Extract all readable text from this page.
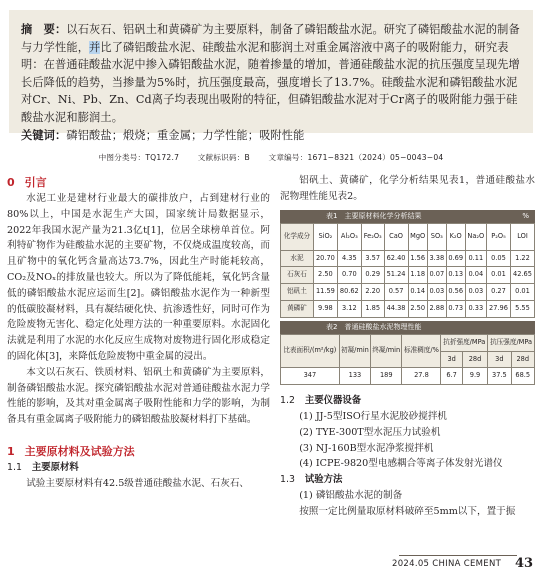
摘　要：以石灰石、铝矾土和黄磷矿为主要原料，制备了磷铝酸盐水泥。研究了磷铝酸盐水泥的制备与力学性能，并比了磷铝酸盐水泥、硅酸盐水泥和膨润土对重金属溶液中离子的吸附能力，研究表明：在普通硅酸盐水泥中掺入磷铝酸盐水泥，随着掺量的增加，普通硅酸盐水泥的抗压强度呈现先增长后降低的趋势，当掺量为5%时，抗压强度最高，强度增长了13.7%。硅酸盐水泥和磷铝酸盐水泥对Cr、Ni、Pb、Zn、Cd离子均表现出吸附的特征，但磷铝酸盐水泥对于Cr离子的吸附能力强于硅酸盐水泥和膨润土。
关键词：磷铝酸盐；煅烧；重金属；力学性能；吸附性能
中图分类号：TQ172.7 文献标识码：B 文章编号：1671−8321（2024）05−0043−04
0 引言

水泥工业是建材行业最大的碳排放户，占到建材行业的80%以上，中国是水泥生产大国，国家统计局数据显示，2022年我国水泥产量为21.3亿t[1]，位居全球榜单首位。阿利特矿物作为硅酸盐水泥的主要矿物，不仅烧成温度较高，而且矿物中的氧化钙含量高达73.7%，因此生产时能耗较高，CO₂及NOₓ的排放量也较大。所以为了降低能耗，氧化钙含量低的磷铝酸盐水泥应运而生[2]。磷铝酸盐水泥作为一种新型的低碳胶凝材料，具有凝结硬化快、抗渗透性好，同时可作为危险废物无害化、稳定化处理方法的一种重要原料。水泥固化法就是利用了水泥的水化反应生成物对废物进行固化形成稳定的固化体[3]，来降低危险废物中重金属的浸出。

本文以石灰石、铁质材料、铝矾土和黄磷矿为主要原料，制备磷铝酸盐水泥。探究磷铝酸盐水泥对普通硅酸盐水泥力学性能的影响，及其对重金属离子吸附性能和力学的影响，为制备具有重金属离子吸附能力的磷铝酸盐胶凝材料打下基础。

1 主要原材料及试验方法
1.1 主要原材料

试验主要原材料有42.5级普通硅酸盐水泥、石灰石、

铝矾土、黄磷矿，化学分析结果见表1，普通硅酸盐水泥物理性能见表2。

表1　主要原材料化学分析结果	%
化学成分	SiO₂	Al₂O₃	Fe₂O₃	CaO	MgO	SO₃	K₂O	Na₂O	P₂O₅	LOI
水泥	20.70	4.35	3.57	62.40	1.56	3.38	0.69	0.11	0.05	1.22
石灰石	2.50	0.70	0.29	51.24	1.18	0.07	0.13	0.04	0.01	42.65
铝矾土	11.59	80.62	2.20	0.57	0.14	0.03	0.56	0.03	0.27	0.01
黄磷矿	9.98	3.12	1.85	44.38	2.50	2.88	0.73	0.33	27.96	5.55
表2　普通硅酸盐水泥物理性能
比表面积/(m²/kg)	初凝/min	终凝/min	标准稠度/%	抗折强度/MPa		抗压强度/MPa	
				3d	28d	3d	28d
347	133	189	27.8	6.7	9.9	37.5	68.5
1.2 主要仪器设备

(1) JJ-5型ISO行星水泥胶砂搅拌机

(2) TYE-300T型水泥压力试验机

(3) NJ-160B型水泥净浆搅拌机

(4) ICPE-9820型电感耦合等离子体发射光谱仪

1.3 试验方法

(1) 磷铝酸盐水泥的制备

按照一定比例量取原材料破碎至5mm以下，置于振

2024.05 CHINA CEMENT 43
